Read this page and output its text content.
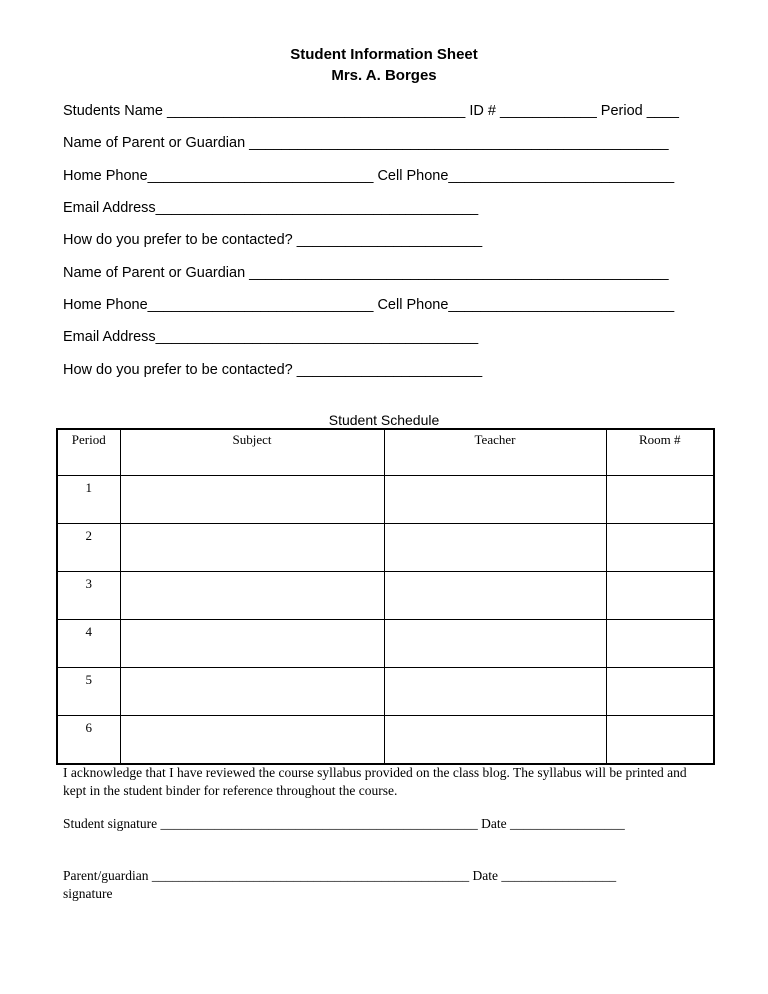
Student Information Sheet
Mrs. A. Borges
Students Name _____________________________________ ID # ____________ Period ____
Name of Parent or Guardian ____________________________________________________
Home Phone____________________________ Cell Phone____________________________
Email Address________________________________________
How do you prefer to be contacted? _______________________
Name of Parent or Guardian ____________________________________________________
Home Phone____________________________ Cell Phone____________________________
Email Address________________________________________
How do you prefer to be contacted? _______________________
Student Schedule
Period	Subject	Teacher	Room #
1			
2			
3			
4			
5			
6			
I acknowledge that I have reviewed the course syllabus provided on the class blog. The syllabus will be printed and kept in the student binder for reference throughout the course.
Student signature _______________________________________________ Date _________________
Parent/guardian _______________________________________________ Date _________________
signature
